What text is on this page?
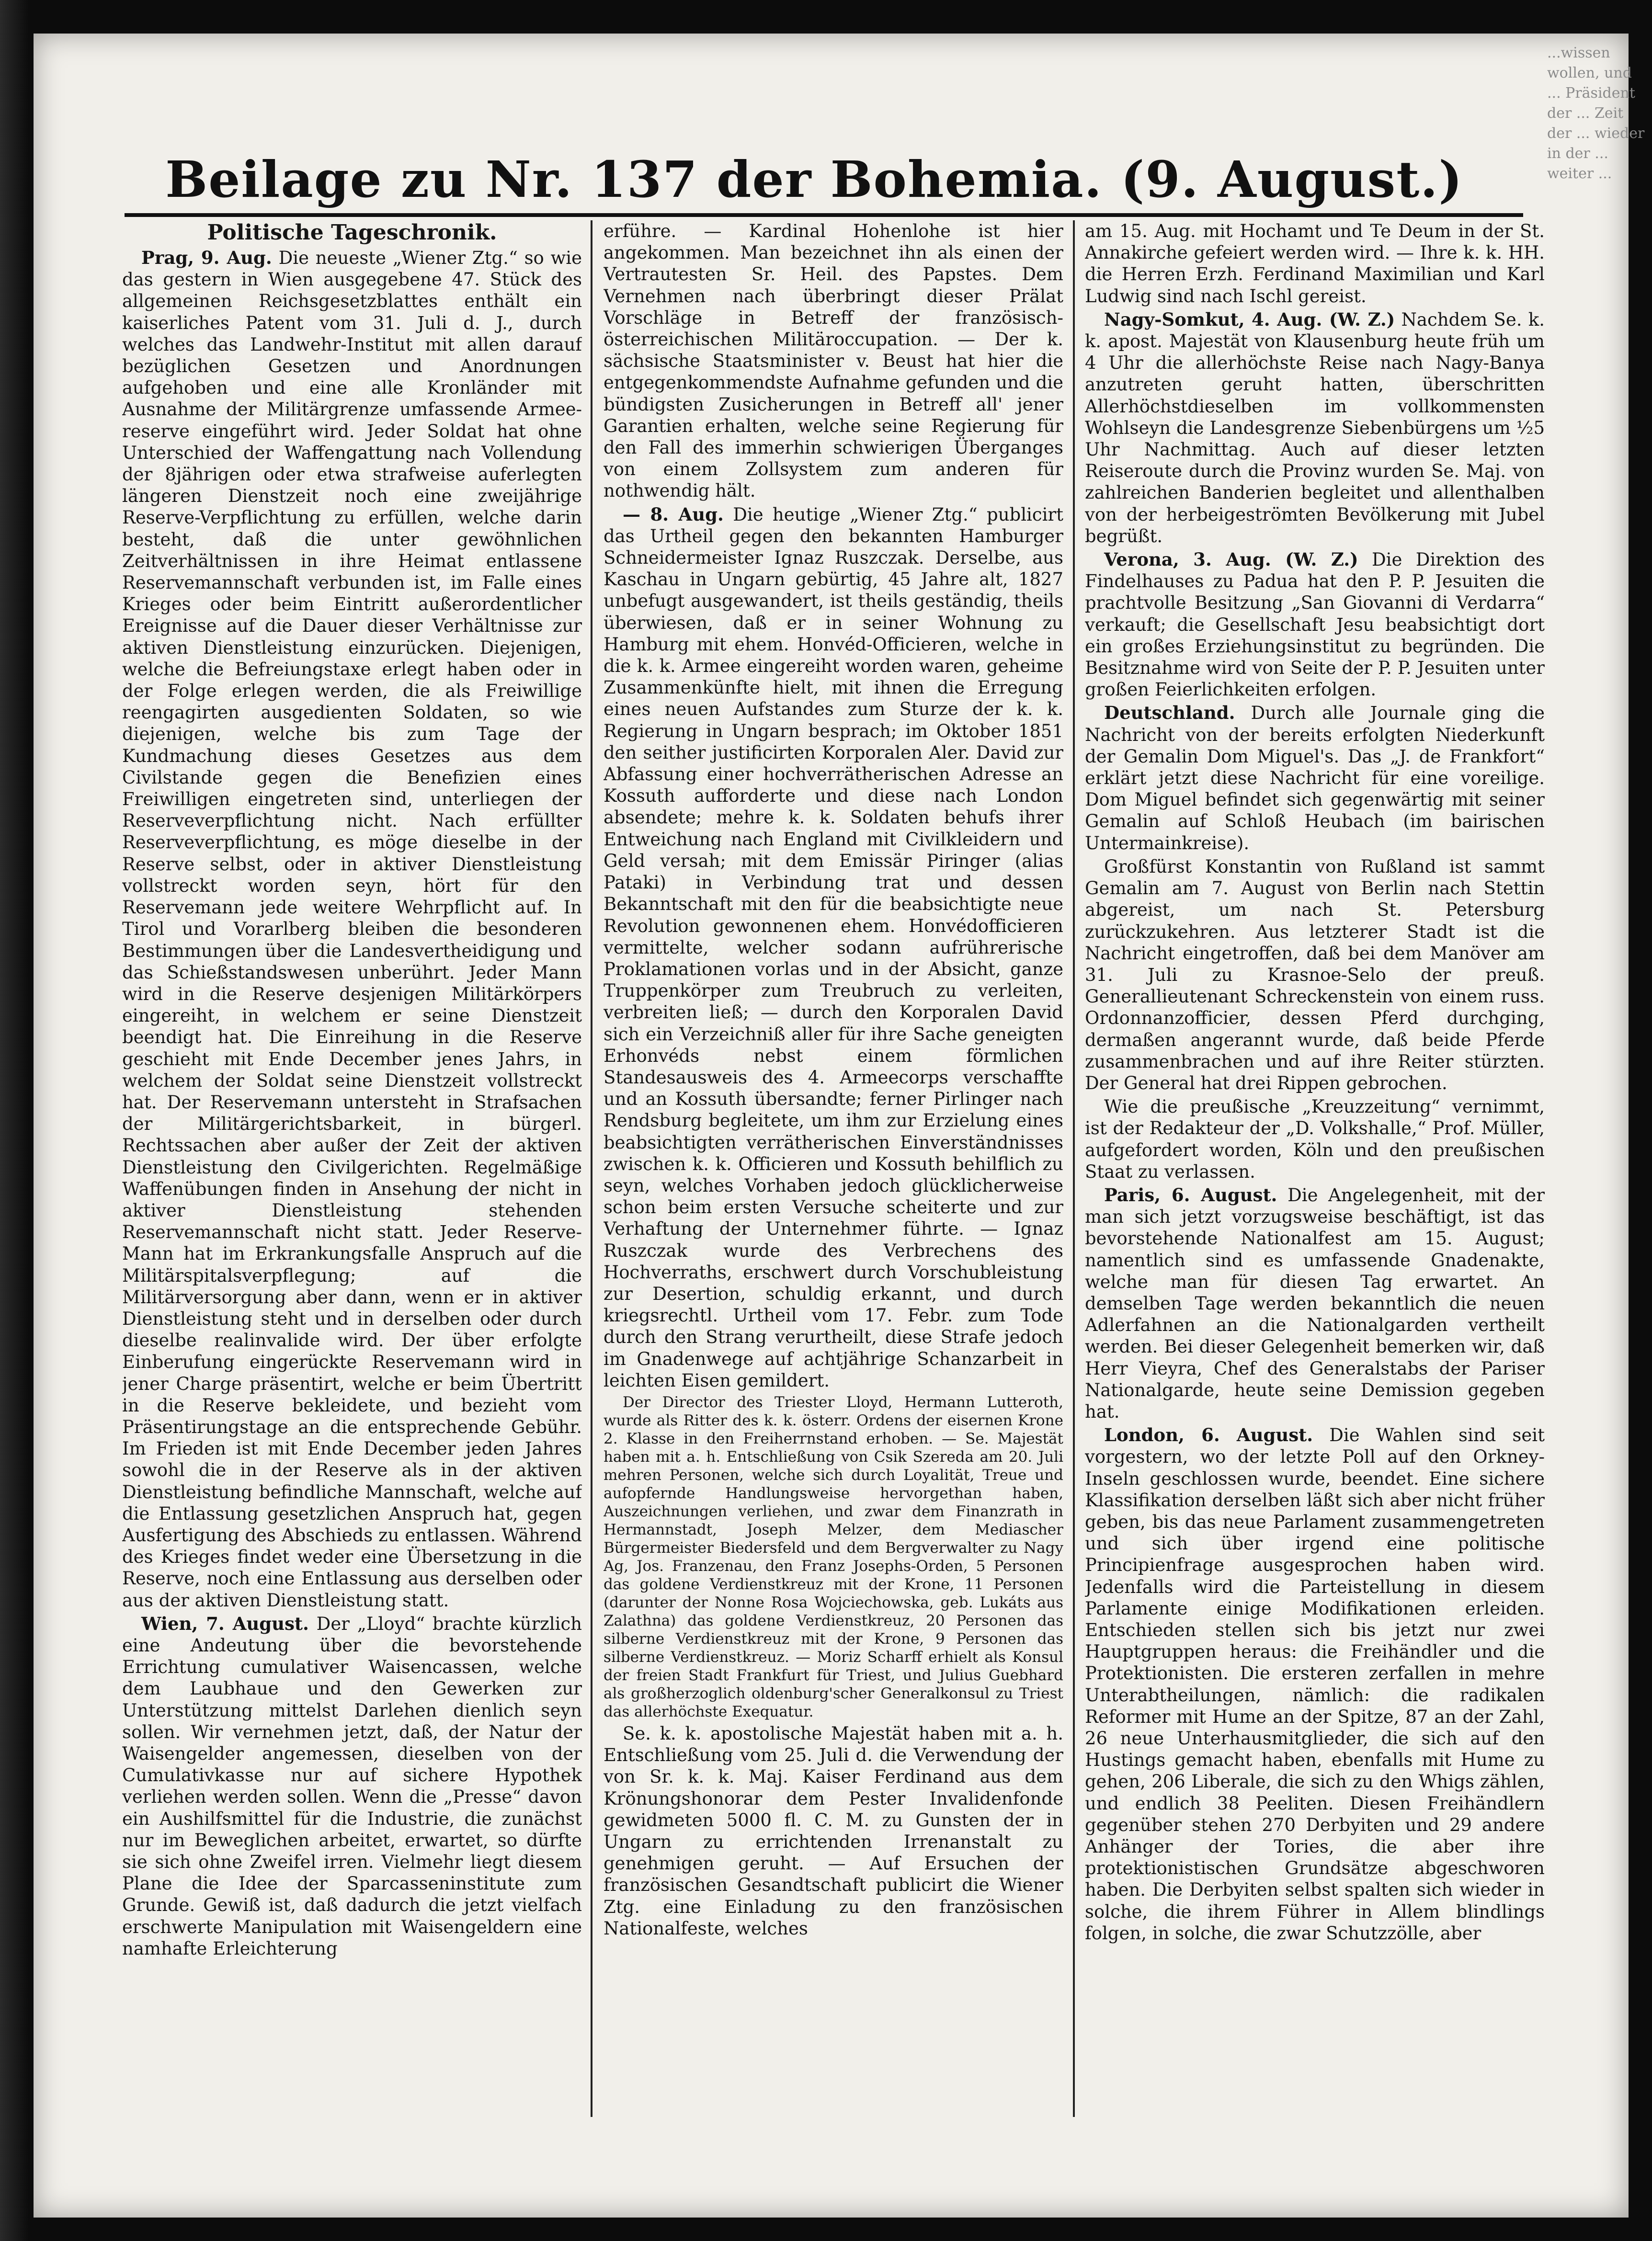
...wissen wollen, und ... Präsident der ... Zeit der ... wieder in der ... weiter ...
Beilage zu Nr. 137 der Bohemia. (9. August.)
Politische Tageschronik.

Prag, 9. Aug. Die neueste „Wiener Ztg.“ so wie das gestern in Wien ausgegebene 47. Stück des allgemeinen Reichsgesetzblattes enthält ein kaiserliches Patent vom 31. Juli d. J., durch welches das Landwehr-Institut mit allen darauf bezüglichen Gesetzen und Anordnungen aufgehoben und eine alle Kronländer mit Ausnahme der Militärgrenze umfassende Armee-reserve eingeführt wird. Jeder Soldat hat ohne Unterschied der Waffengattung nach Vollendung der 8jährigen oder etwa strafweise auferlegten längeren Dienstzeit noch eine zweijährige Reserve-Verpflichtung zu erfüllen, welche darin besteht, daß die unter gewöhnlichen Zeitverhältnissen in ihre Heimat entlassene Reservemannschaft verbunden ist, im Falle eines Krieges oder beim Eintritt außerordentlicher Ereignisse auf die Dauer dieser Verhältnisse zur aktiven Dienstleistung einzurücken. Diejenigen, welche die Befreiungstaxe erlegt haben oder in der Folge erlegen werden, die als Freiwillige reengagirten ausgedienten Soldaten, so wie diejenigen, welche bis zum Tage der Kundmachung dieses Gesetzes aus dem Civilstande gegen die Benefizien eines Freiwilligen eingetreten sind, unterliegen der Reserveverpflichtung nicht. Nach erfüllter Reserveverpflichtung, es möge dieselbe in der Reserve selbst, oder in aktiver Dienstleistung vollstreckt worden seyn, hört für den Reservemann jede weitere Wehrpflicht auf. In Tirol und Vorarlberg bleiben die besonderen Bestimmungen über die Landesvertheidigung und das Schießstandswesen unberührt. Jeder Mann wird in die Reserve desjenigen Militärkörpers eingereiht, in welchem er seine Dienstzeit beendigt hat. Die Einreihung in die Reserve geschieht mit Ende December jenes Jahrs, in welchem der Soldat seine Dienstzeit vollstreckt hat. Der Reservemann untersteht in Strafsachen der Militärgerichtsbarkeit, in bürgerl. Rechtssachen aber außer der Zeit der aktiven Dienstleistung den Civilgerichten. Regelmäßige Waffenübungen finden in Ansehung der nicht in aktiver Dienstleistung stehenden Reservemannschaft nicht statt. Jeder Reserve-Mann hat im Erkrankungsfalle Anspruch auf die Militärspitalsverpflegung; auf die Militärversorgung aber dann, wenn er in aktiver Dienstleistung steht und in derselben oder durch dieselbe realinvalide wird. Der über erfolgte Einberufung eingerückte Reservemann wird in jener Charge präsentirt, welche er beim Übertritt in die Reserve bekleidete, und bezieht vom Präsentirungstage an die entsprechende Gebühr. Im Frieden ist mit Ende December jeden Jahres sowohl die in der Reserve als in der aktiven Dienstleistung befindliche Mannschaft, welche auf die Entlassung gesetzlichen Anspruch hat, gegen Ausfertigung des Abschieds zu entlassen. Während des Krieges findet weder eine Übersetzung in die Reserve, noch eine Entlassung aus derselben oder aus der aktiven Dienstleistung statt.

Wien, 7. August. Der „Lloyd“ brachte kürzlich eine Andeutung über die bevorstehende Errichtung cumulativer Waisencassen, welche dem Laubhaue und den Gewerken zur Unterstützung mittelst Darlehen dienlich seyn sollen. Wir vernehmen jetzt, daß, der Natur der Waisengelder angemessen, dieselben von der Cumulativkasse nur auf sichere Hypothek verliehen werden sollen. Wenn die „Presse“ davon ein Aushilfsmittel für die Industrie, die zunächst nur im Beweglichen arbeitet, erwartet, so dürfte sie sich ohne Zweifel irren. Vielmehr liegt diesem Plane die Idee der Sparcasseninstitute zum Grunde. Gewiß ist, daß dadurch die jetzt vielfach erschwerte Manipulation mit Waisengeldern eine namhafte Erleichterung

erführe. — Kardinal Hohenlohe ist hier angekommen. Man bezeichnet ihn als einen der Vertrautesten Sr. Heil. des Papstes. Dem Vernehmen nach überbringt dieser Prälat Vorschläge in Betreff der französisch-österreichischen Militäroccupation. — Der k. sächsische Staatsminister v. Beust hat hier die entgegenkommendste Aufnahme gefunden und die bündigsten Zusicherungen in Betreff all' jener Garantien erhalten, welche seine Regierung für den Fall des immerhin schwierigen Überganges von einem Zollsystem zum anderen für nothwendig hält.

— 8. Aug. Die heutige „Wiener Ztg.“ publicirt das Urtheil gegen den bekannten Hamburger Schneidermeister Ignaz Ruszczak. Derselbe, aus Kaschau in Ungarn gebürtig, 45 Jahre alt, 1827 unbefugt ausgewandert, ist theils geständig, theils überwiesen, daß er in seiner Wohnung zu Hamburg mit ehem. Honvéd-Officieren, welche in die k. k. Armee eingereiht worden waren, geheime Zusammenkünfte hielt, mit ihnen die Erregung eines neuen Aufstandes zum Sturze der k. k. Regierung in Ungarn besprach; im Oktober 1851 den seither justificirten Korporalen Aler. David zur Abfassung einer hochverrätherischen Adresse an Kossuth aufforderte und diese nach London absendete; mehre k. k. Soldaten behufs ihrer Entweichung nach England mit Civilkleidern und Geld versah; mit dem Emissär Piringer (alias Pataki) in Verbindung trat und dessen Bekanntschaft mit den für die beabsichtigte neue Revolution gewonnenen ehem. Honvédofficieren vermittelte, welcher sodann aufrührerische Proklamationen vorlas und in der Absicht, ganze Truppenkörper zum Treubruch zu verleiten, verbreiten ließ; — durch den Korporalen David sich ein Verzeichniß aller für ihre Sache geneigten Erhonvéds nebst einem förmlichen Standesausweis des 4. Armeecorps verschaffte und an Kossuth übersandte; ferner Pirlinger nach Rendsburg begleitete, um ihm zur Erzielung eines beabsichtigten verrätherischen Einverständnisses zwischen k. k. Officieren und Kossuth behilflich zu seyn, welches Vorhaben jedoch glücklicherweise schon beim ersten Versuche scheiterte und zur Verhaftung der Unternehmer führte. — Ignaz Ruszczak wurde des Verbrechens des Hochverraths, erschwert durch Vorschubleistung zur Desertion, schuldig erkannt, und durch kriegsrechtl. Urtheil vom 17. Febr. zum Tode durch den Strang verurtheilt, diese Strafe jedoch im Gnadenwege auf achtjährige Schanzarbeit in leichten Eisen gemildert.

Der Director des Triester Lloyd, Hermann Lutteroth, wurde als Ritter des k. k. österr. Ordens der eisernen Krone 2. Klasse in den Freiherrnstand erhoben. — Se. Majestät haben mit a. h. Entschließung von Csik Szereda am 20. Juli mehren Personen, welche sich durch Loyalität, Treue und aufopfernde Handlungsweise hervorgethan haben, Auszeichnungen verliehen, und zwar dem Finanzrath in Hermannstadt, Joseph Melzer, dem Mediascher Bürgermeister Biedersfeld und dem Bergverwalter zu Nagy Ag, Jos. Franzenau, den Franz Josephs-Orden, 5 Personen das goldene Verdienstkreuz mit der Krone, 11 Personen (darunter der Nonne Rosa Wojciechowska, geb. Lukáts aus Zalathna) das goldene Verdienstkreuz, 20 Personen das silberne Verdienstkreuz mit der Krone, 9 Personen das silberne Verdienstkreuz. — Moriz Scharff erhielt als Konsul der freien Stadt Frankfurt für Triest, und Julius Guebhard als großherzoglich oldenburg'scher Generalkonsul zu Triest das allerhöchste Exequatur.

Se. k. k. apostolische Majestät haben mit a. h. Entschließung vom 25. Juli d. die Verwendung der von Sr. k. k. Maj. Kaiser Ferdinand aus dem Krönungshonorar dem Pester Invalidenfonde gewidmeten 5000 fl. C. M. zu Gunsten der in Ungarn zu errichtenden Irrenanstalt zu genehmigen geruht. — Auf Ersuchen der französischen Gesandtschaft publicirt die Wiener Ztg. eine Einladung zu den französischen Nationalfeste, welches

am 15. Aug. mit Hochamt und Te Deum in der St. Annakirche gefeiert werden wird. — Ihre k. k. HH. die Herren Erzh. Ferdinand Maximilian und Karl Ludwig sind nach Ischl gereist.

Nagy-Somkut, 4. Aug. (W. Z.) Nachdem Se. k. k. apost. Majestät von Klausenburg heute früh um 4 Uhr die allerhöchste Reise nach Nagy-Banya anzutreten geruht hatten, überschritten Allerhöchstdieselben im vollkommensten Wohlseyn die Landesgrenze Siebenbürgens um ½5 Uhr Nachmittag. Auch auf dieser letzten Reiseroute durch die Provinz wurden Se. Maj. von zahlreichen Banderien begleitet und allenthalben von der herbeigeströmten Bevölkerung mit Jubel begrüßt.

Verona, 3. Aug. (W. Z.) Die Direktion des Findelhauses zu Padua hat den P. P. Jesuiten die prachtvolle Besitzung „San Giovanni di Verdarra“ verkauft; die Gesellschaft Jesu beabsichtigt dort ein großes Erziehungsinstitut zu begründen. Die Besitznahme wird von Seite der P. P. Jesuiten unter großen Feierlichkeiten erfolgen.

Deutschland. Durch alle Journale ging die Nachricht von der bereits erfolgten Niederkunft der Gemalin Dom Miguel's. Das „J. de Frankfort“ erklärt jetzt diese Nachricht für eine voreilige. Dom Miguel befindet sich gegenwärtig mit seiner Gemalin auf Schloß Heubach (im bairischen Untermainkreise).

Großfürst Konstantin von Rußland ist sammt Gemalin am 7. August von Berlin nach Stettin abgereist, um nach St. Petersburg zurückzukehren. Aus letzterer Stadt ist die Nachricht eingetroffen, daß bei dem Manöver am 31. Juli zu Krasnoe-Selo der preuß. Generallieutenant Schreckenstein von einem russ. Ordonnanzofficier, dessen Pferd durchging, dermaßen angerannt wurde, daß beide Pferde zusammenbrachen und auf ihre Reiter stürzten. Der General hat drei Rippen gebrochen.

Wie die preußische „Kreuzzeitung“ vernimmt, ist der Redakteur der „D. Volkshalle,“ Prof. Müller, aufgefordert worden, Köln und den preußischen Staat zu verlassen.

Paris, 6. August. Die Angelegenheit, mit der man sich jetzt vorzugsweise beschäftigt, ist das bevorstehende Nationalfest am 15. August; namentlich sind es umfassende Gnadenakte, welche man für diesen Tag erwartet. An demselben Tage werden bekanntlich die neuen Adlerfahnen an die Nationalgarden vertheilt werden. Bei dieser Gelegenheit bemerken wir, daß Herr Vieyra, Chef des Generalstabs der Pariser Nationalgarde, heute seine Demission gegeben hat.

London, 6. August. Die Wahlen sind seit vorgestern, wo der letzte Poll auf den Orkney-Inseln geschlossen wurde, beendet. Eine sichere Klassifikation derselben läßt sich aber nicht früher geben, bis das neue Parlament zusammengetreten und sich über irgend eine politische Principienfrage ausgesprochen haben wird. Jedenfalls wird die Parteistellung in diesem Parlamente einige Modifikationen erleiden. Entschieden stellen sich bis jetzt nur zwei Hauptgruppen heraus: die Freihändler und die Protektionisten. Die ersteren zerfallen in mehre Unterabtheilungen, nämlich: die radikalen Reformer mit Hume an der Spitze, 87 an der Zahl, 26 neue Unterhausmitglieder, die sich auf den Hustings gemacht haben, ebenfalls mit Hume zu gehen, 206 Liberale, die sich zu den Whigs zählen, und endlich 38 Peeliten. Diesen Freihändlern gegenüber stehen 270 Derbyiten und 29 andere Anhänger der Tories, die aber ihre protektionistischen Grundsätze abgeschworen haben. Die Derbyiten selbst spalten sich wieder in solche, die ihrem Führer in Allem blindlings folgen, in solche, die zwar Schutzzölle, aber
